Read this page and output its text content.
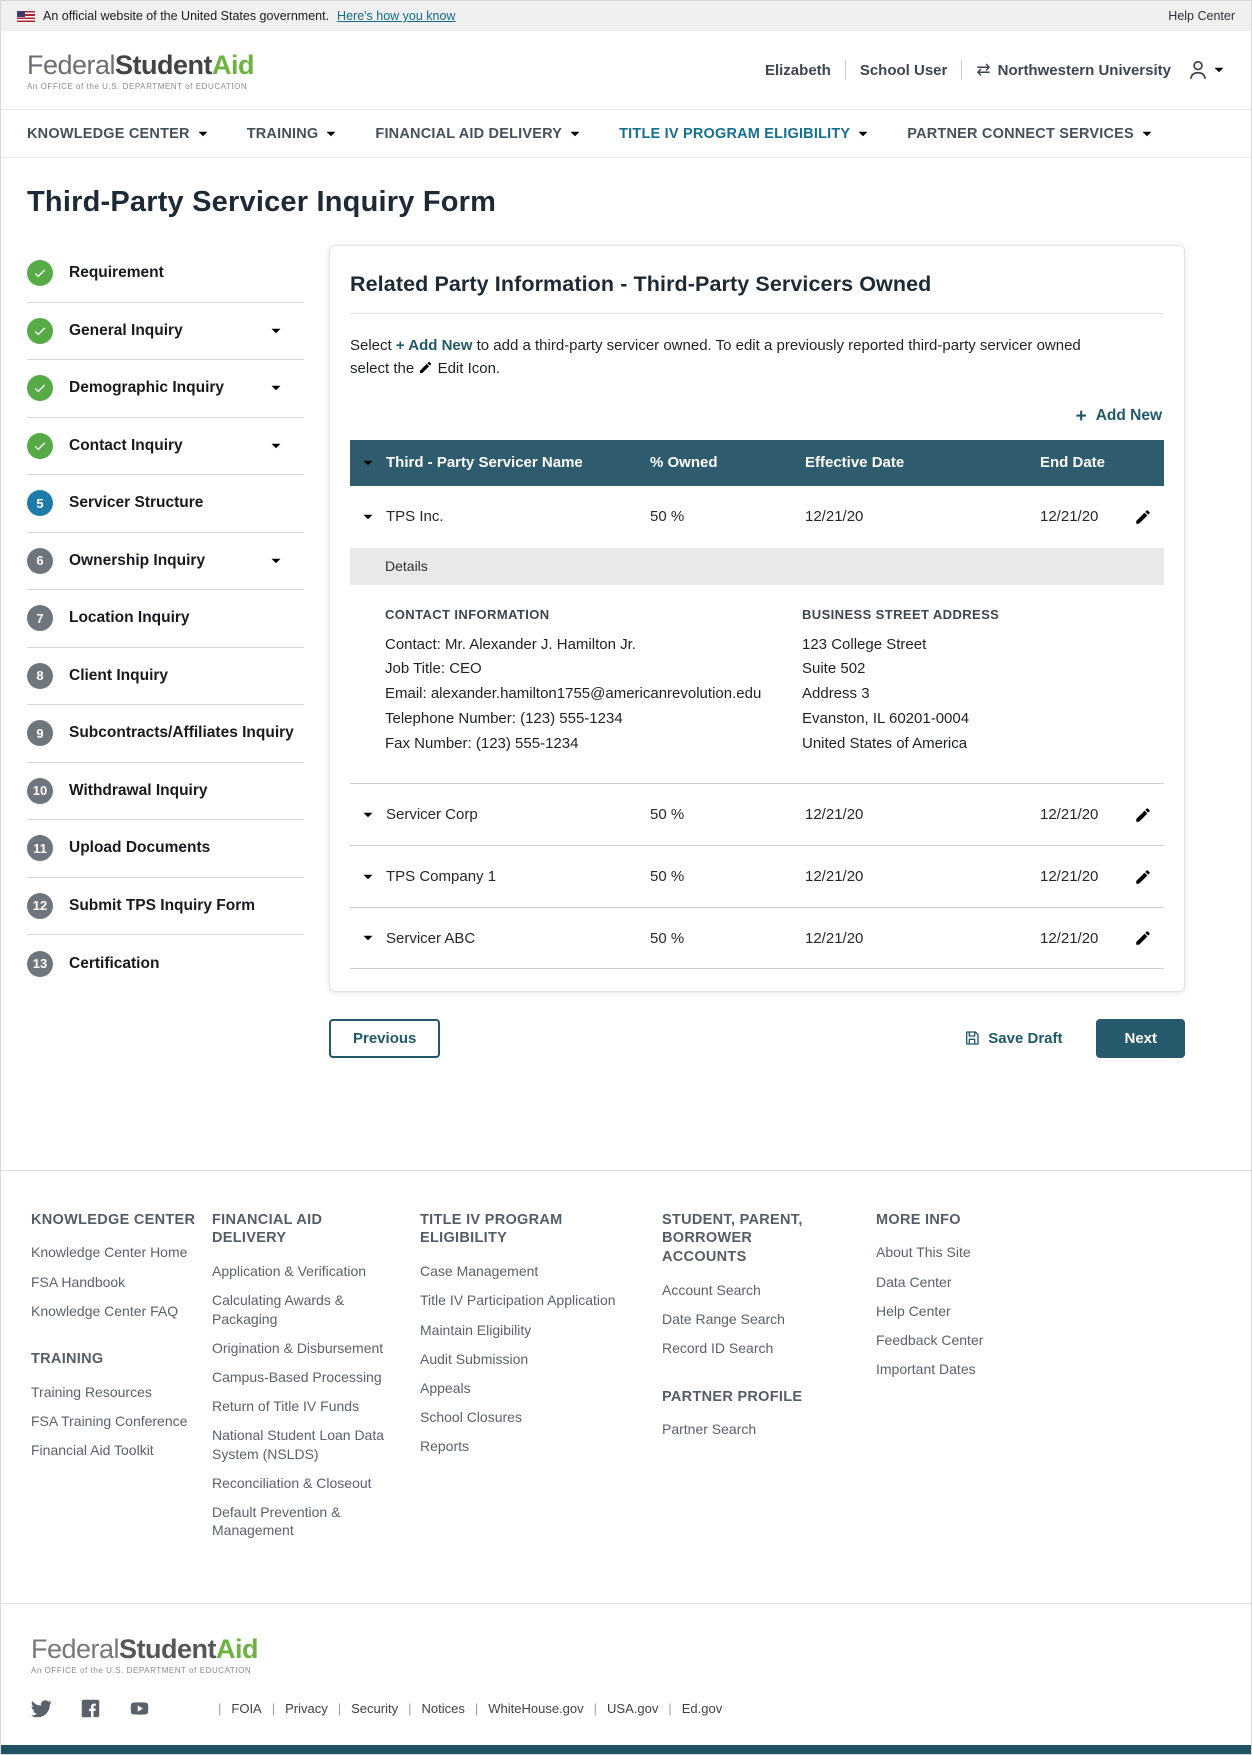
An official website of the United States government. Here's how you know	Help Center
FederalStudentAid
An OFFICE of the U.S. DEPARTMENT of EDUCATION
Elizabeth School User ⇄ Northwestern University
KNOWLEDGE CENTER	TRAINING	FINANCIAL AID DELIVERY	TITLE IV PROGRAM ELIGIBILITY	PARTNER CONNECT SERVICES
Third-Party Servicer Inquiry Form
Requirement
General Inquiry
Demographic Inquiry
Contact Inquiry
5	Servicer Structure
6	Ownership Inquiry
7	Location Inquiry
8	Client Inquiry
9	Subcontracts/Affiliates Inquiry
10	Withdrawal Inquiry
11	Upload Documents
12	Submit TPS Inquiry Form
13	Certification
Related Party Information - Third-Party Servicers Owned

Select + Add New to add a third-party servicer owned. To edit a previously reported third-party servicer owned select the Edit Icon.

+ Add New
Third - Party Servicer Name	% Owned	Effective Date	End Date
TPS Inc.	50 %	12/21/20	12/21/20
Details
CONTACT INFORMATION
Contact: Mr. Alexander J. Hamilton Jr.
Job Title: CEO
Email: alexander.hamilton1755@americanrevolution.edu
Telephone Number: (123) 555-1234
Fax Number: (123) 555-1234
BUSINESS STREET ADDRESS
123 College Street
Suite 502
Address 3
Evanston, IL 60201-0004
United States of America
Servicer Corp	50 %	12/21/20	12/21/20
TPS Company 1	50 %	12/21/20	12/21/20
Servicer ABC	50 %	12/21/20	12/21/20
Previous	Save Draft	Next
KNOWLEDGE CENTER
Knowledge Center Home
FSA Handbook
Knowledge Center FAQ
TRAINING
Training Resources
FSA Training Conference
Financial Aid Toolkit
FINANCIAL AID DELIVERY
Application & Verification
Calculating Awards & Packaging
Origination & Disbursement
Campus-Based Processing
Return of Title IV Funds
National Student Loan Data System (NSLDS)
Reconciliation & Closeout
Default Prevention & Management
TITLE IV PROGRAM ELIGIBILITY
Case Management
Title IV Participation Application
Maintain Eligibility
Audit Submission
Appeals
School Closures
Reports
STUDENT, PARENT, BORROWER ACCOUNTS
Account Search
Date Range Search
Record ID Search
PARTNER PROFILE
Partner Search
MORE INFO
About This Site
Data Center
Help Center
Feedback Center
Important Dates
FederalStudentAid
An OFFICE of the U.S. DEPARTMENT of EDUCATION
| FOIA	| Privacy	| Security	| Notices	| WhiteHouse.gov	| USA.gov	| Ed.gov
